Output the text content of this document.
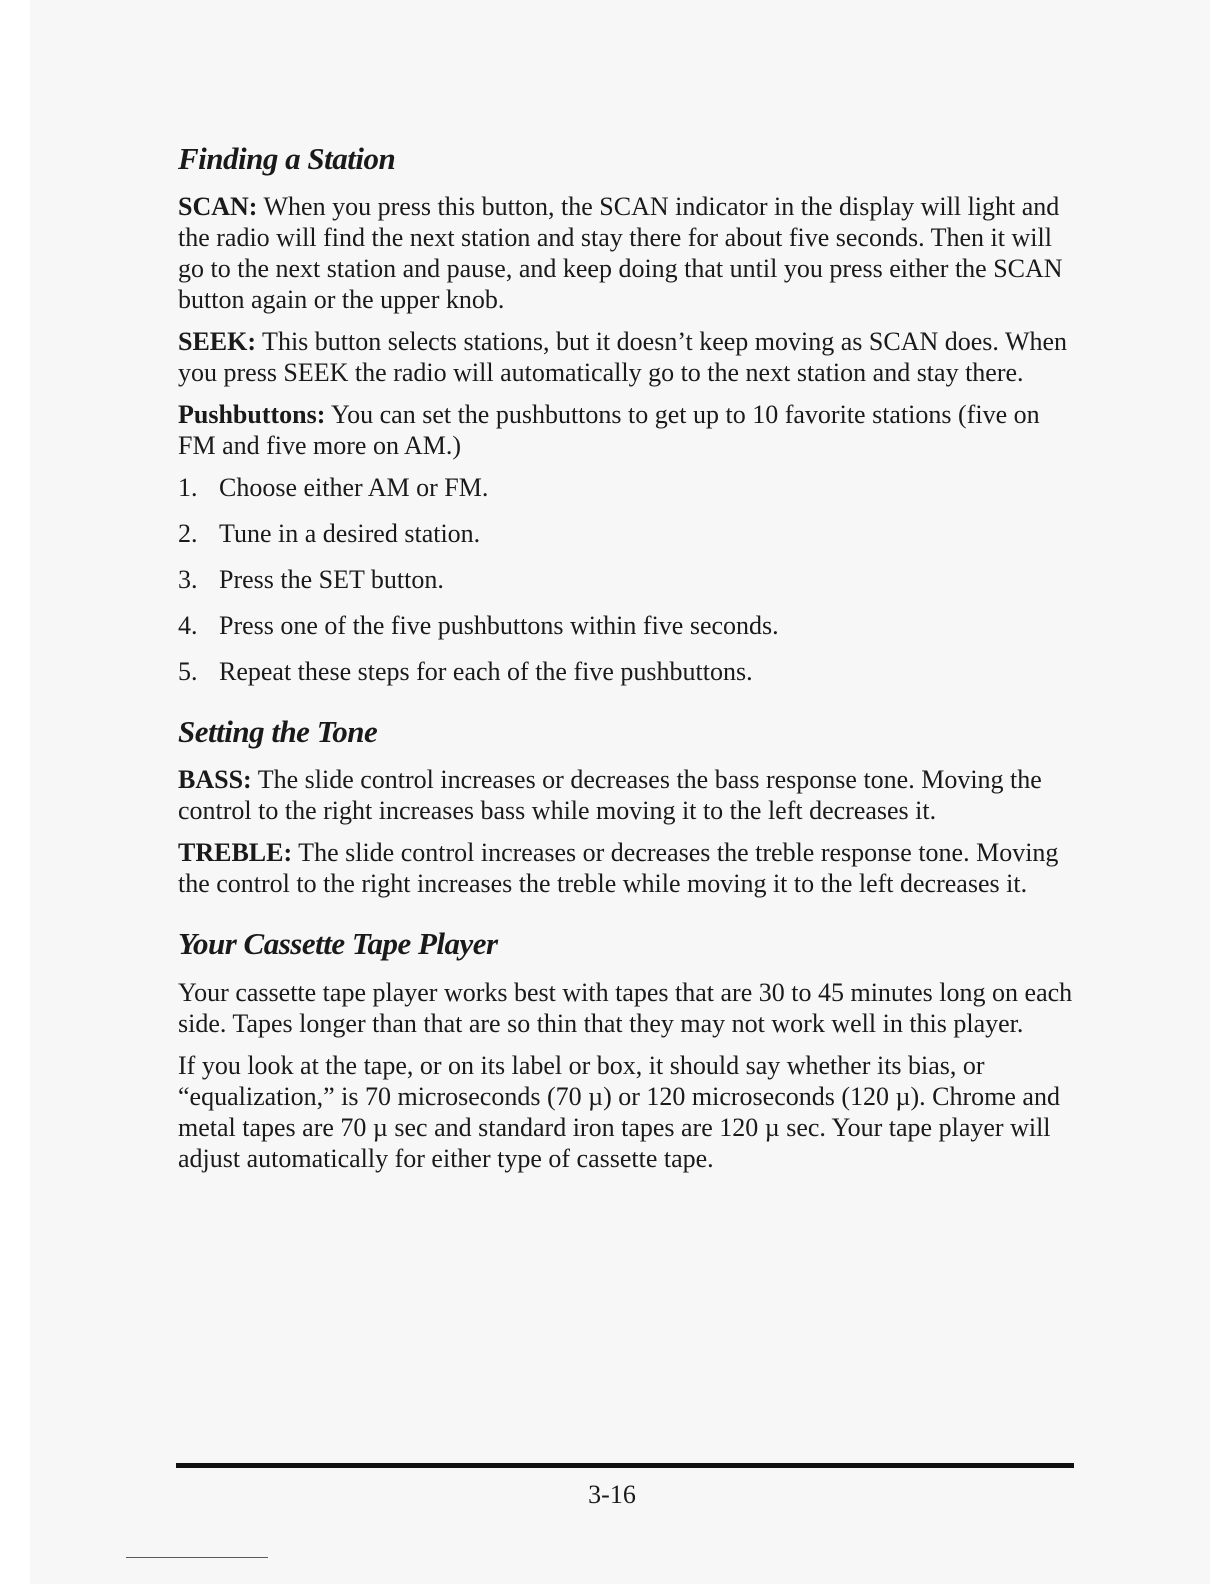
Finding a Station

SCAN: When you press this button, the SCAN indicator in the display will light and the radio will find the next station and stay there for about five seconds. Then it will go to the next station and pause, and keep doing that until you press either the SCAN button again or the upper knob.

SEEK: This button selects stations, but it doesn’t keep moving as SCAN does. When you press SEEK the radio will automatically go to the next station and stay there.

Pushbuttons: You can set the pushbuttons to get up to 10 favorite stations (five on FM and five more on AM.)

1. Choose either AM or FM.
2. Tune in a desired station.
3. Press the SET button.
4. Press one of the five pushbuttons within five seconds.
5. Repeat these steps for each of the five pushbuttons.
Setting the Tone

BASS: The slide control increases or decreases the bass response tone. Moving the control to the right increases bass while moving it to the left decreases it.

TREBLE: The slide control increases or decreases the treble response tone. Moving the control to the right increases the treble while moving it to the left decreases it.

Your Cassette Tape Player

Your cassette tape player works best with tapes that are 30 to 45 minutes long on each side. Tapes longer than that are so thin that they may not work well in this player.

If you look at the tape, or on its label or box, it should say whether its bias, or “equalization,” is 70 microseconds (70 µ) or 120 microseconds (120 µ). Chrome and metal tapes are 70 µ sec and standard iron tapes are 120 µ sec. Your tape player will adjust automatically for either type of cassette tape.

3-16
